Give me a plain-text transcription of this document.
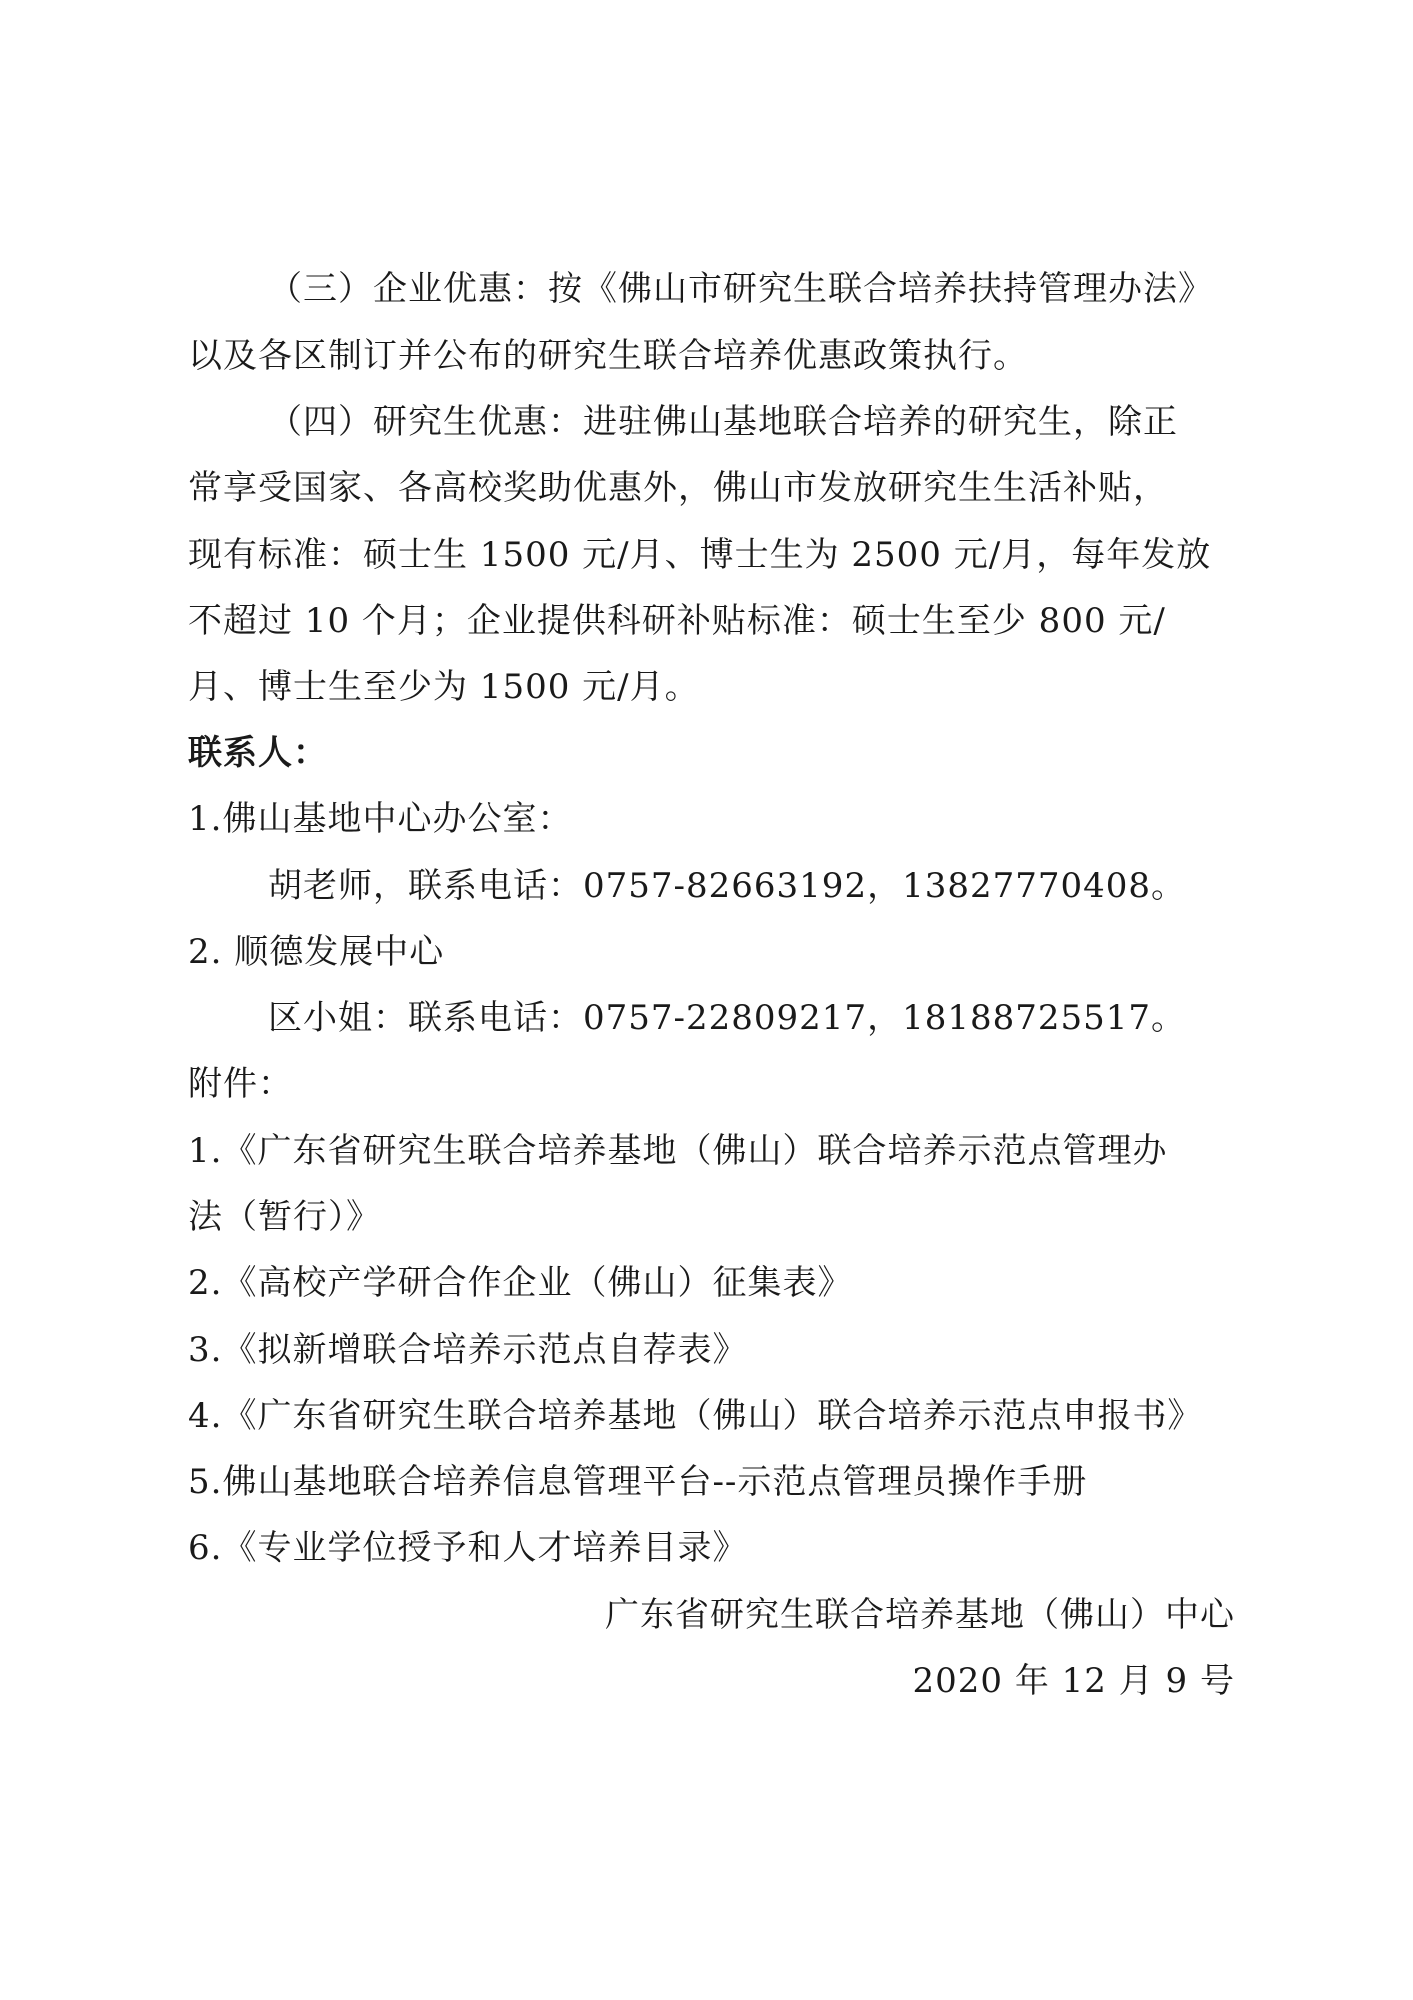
（三）企业优惠：按《佛山市研究生联合培养扶持管理办法》
以及各区制订并公布的研究生联合培养优惠政策执行。
（四）研究生优惠：进驻佛山基地联合培养的研究生，除正
常享受国家、各高校奖助优惠外，佛山市发放研究生生活补贴，
现有标准：硕士生 1500 元/月、博士生为 2500 元/月，每年发放
不超过 10 个月；企业提供科研补贴标准：硕士生至少 800 元/
月、博士生至少为 1500 元/月。
联系人：
1.佛山基地中心办公室：
胡老师，联系电话：0757-82663192，13827770408。
2. 顺德发展中心
区小姐：联系电话：0757-22809217，18188725517。
附件：
1.《广东省研究生联合培养基地（佛山）联合培养示范点管理办
法（暂行）》
2.《高校产学研合作企业（佛山）征集表》
3.《拟新增联合培养示范点自荐表》
4.《广东省研究生联合培养基地（佛山）联合培养示范点申报书》
5.佛山基地联合培养信息管理平台--示范点管理员操作手册
6.《专业学位授予和人才培养目录》
广东省研究生联合培养基地（佛山）中心
2020 年 12 月 9 号
